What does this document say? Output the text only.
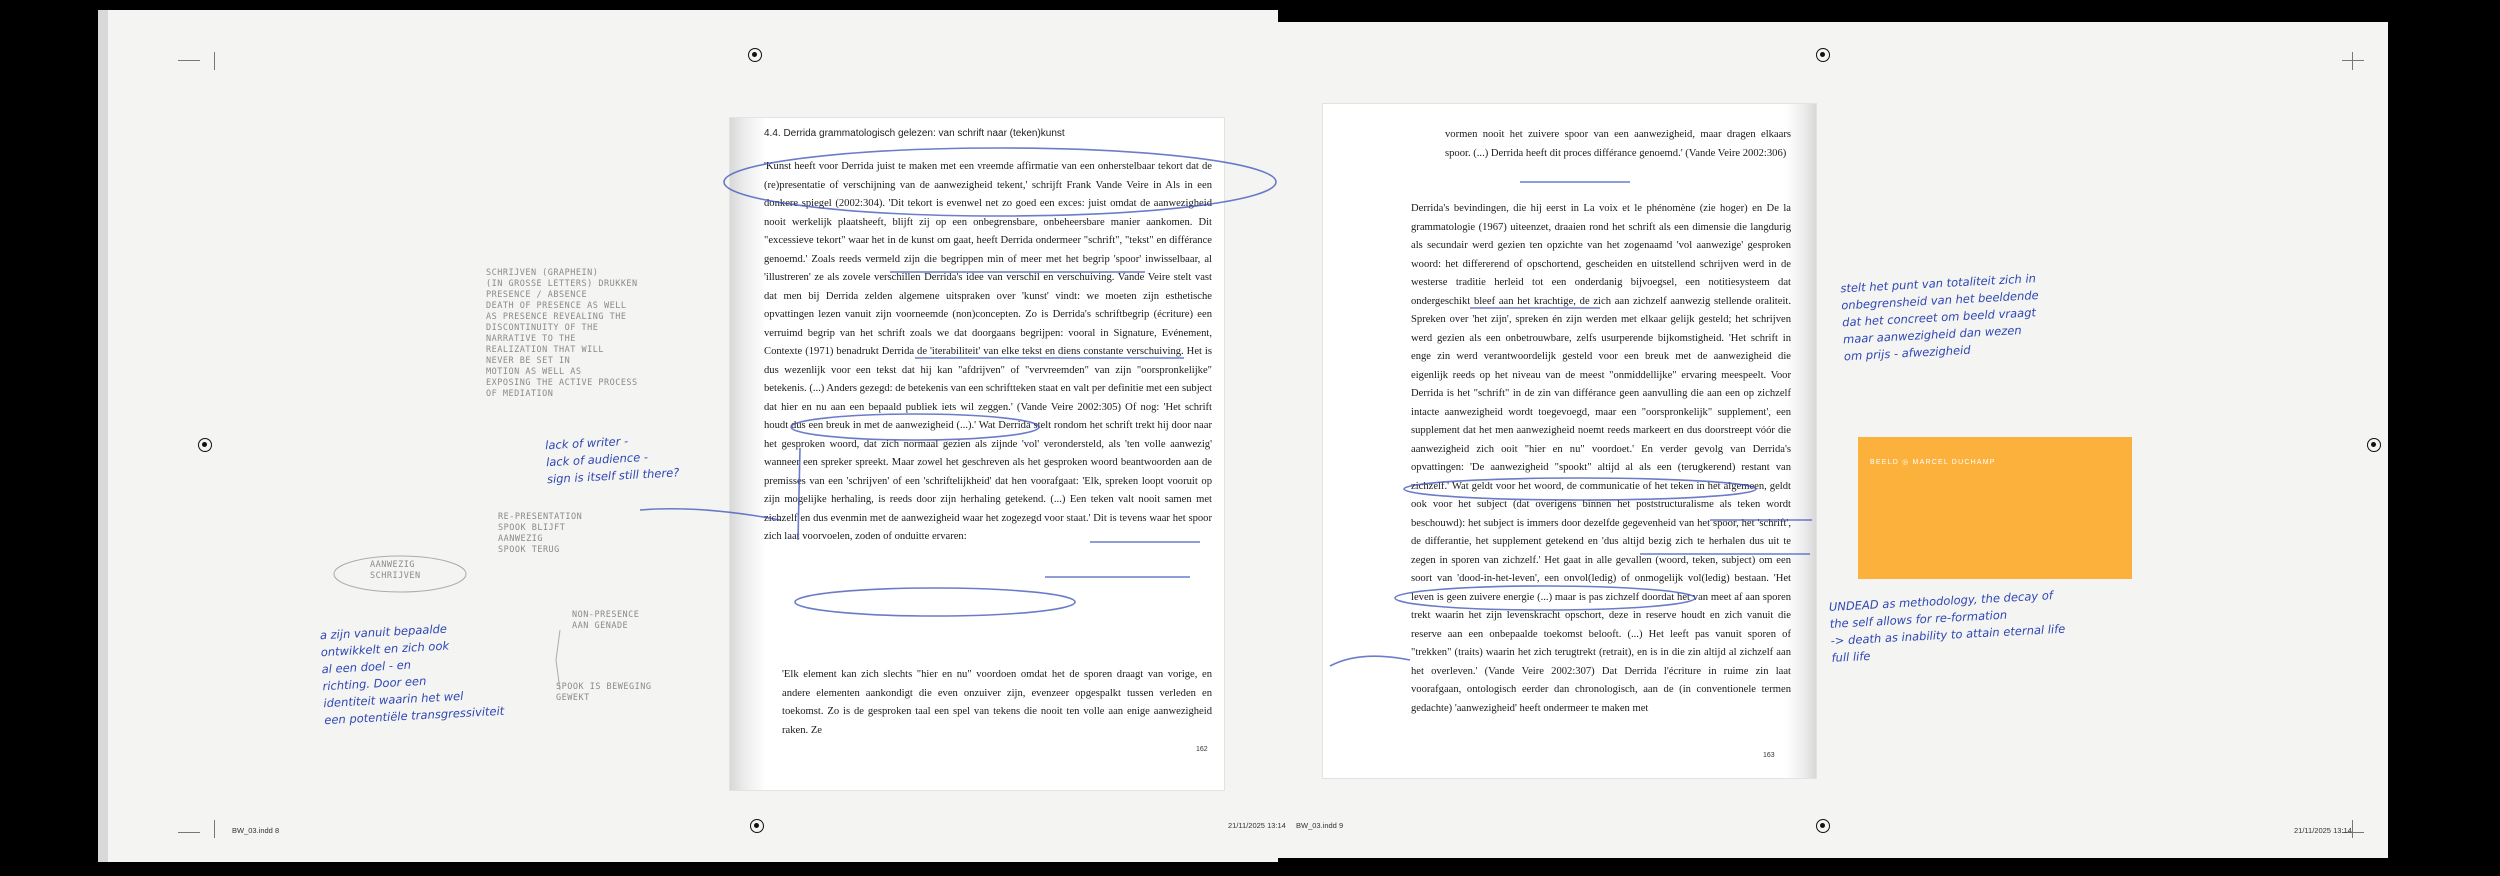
4.4. Derrida grammatologisch gelezen: van schrift naar (teken)kunst

'Kunst heeft voor Derrida juist te maken met een vreemde affirmatie van een onherstelbaar tekort dat de (re)presentatie of verschijning van de aanwezigheid tekent,' schrijft Frank Vande Veire in Als in een donkere spiegel (2002:304). 'Dit tekort is evenwel net zo goed een exces: juist omdat de aanwezigheid nooit werkelijk plaatsheeft, blijft zij op een onbegrensbare, onbeheersbare manier aankomen. Dit "excessieve tekort" waar het in de kunst om gaat, heeft Derrida ondermeer "schrift", "tekst" en différance genoemd.' Zoals reeds vermeld zijn die begrippen min of meer met het begrip 'spoor' inwisselbaar, al 'illustreren' ze als zovele verschillen Derrida's idee van verschil en verschuiving. Vande Veire stelt vast dat men bij Derrida zelden algemene uitspraken over 'kunst' vindt: we moeten zijn esthetische opvattingen lezen vanuit zijn voorneemde (non)concepten. Zo is Derrida's schriftbegrip (écriture) een verruimd begrip van het schrift zoals we dat doorgaans begrijpen: vooral in Signature, Evénement, Contexte (1971) benadrukt Derrida de 'iterabiliteit' van elke tekst en diens constante verschuiving. Het is dus wezenlijk voor een tekst dat hij kan "afdrijven" of "vervreemden" van zijn "oorspronkelijke" betekenis. (...) Anders gezegd: de betekenis van een schriftteken staat en valt per definitie met een subject dat hier en nu aan een bepaald publiek iets wil zeggen.' (Vande Veire 2002:305) Of nog: 'Het schrift houdt dus een breuk in met de aanwezigheid (...).' Wat Derrida stelt rondom het schrift trekt hij door naar het gesproken woord, dat zich normaal gezien als zijnde 'vol' verondersteld, als 'ten volle aanwezig' wanneer een spreker spreekt. Maar zowel het geschreven als het gesproken woord beantwoorden aan de premisses van een 'schrijven' of een 'schriftelijkheid' dat hen voorafgaat: 'Elk, spreken loopt vooruit op zijn mogelijke herhaling, is reeds door zijn herhaling getekend. (...) Een teken valt nooit samen met zichzelf en dus evenmin met de aanwezigheid waar het zogezegd voor staat.' Dit is tevens waar het spoor zich laat voorvoelen, zoden of onduitte ervaren:

'Elk element kan zich slechts "hier en nu" voordoen omdat het de sporen draagt van vorige, en andere elementen aankondigt die even onzuiver zijn, evenzeer opgespalkt tussen verleden en toekomst. Zo is de gesproken taal een spel van tekens die nooit ten volle aan enige aanwezigheid raken. Ze
162
vormen nooit het zuivere spoor van een aanwezigheid, maar dragen elkaars spoor. (...) Derrida heeft dit proces différance genoemd.' (Vande Veire 2002:306)

Derrida's bevindingen, die hij eerst in La voix et le phénomène (zie hoger) en De la grammatologie (1967) uiteenzet, draaien rond het schrift als een dimensie die langdurig als secundair werd gezien ten opzichte van het zogenaamd 'vol aanwezige' gesproken woord: het differerend of opschortend, gescheiden en uitstellend schrijven werd in de westerse traditie herleid tot een onderdanig bijvoegsel, een notitiesysteem dat ondergeschikt bleef aan het krachtige, de zich aan zichzelf aanwezig stellende oraliteit. Spreken over 'het zijn', spreken én zijn werden met elkaar gelijk gesteld; het schrijven werd gezien als een onbetrouwbare, zelfs usurperende bijkomstigheid. 'Het schrift in enge zin werd verantwoordelijk gesteld voor een breuk met de aanwezigheid die eigenlijk reeds op het niveau van de meest "onmiddellijke" ervaring meespeelt. Voor Derrida is het "schrift" in de zin van différance geen aanvulling die aan een op zichzelf intacte aanwezigheid wordt toegevoegd, maar een "oorspronkelijk" supplement', een supplement dat het men aanwezigheid noemt reeds markeert en dus doorstreept vóór die aanwezigheid zich ooit "hier en nu" voordoet.' En verder gevolg van Derrida's opvattingen: 'De aanwezigheid "spookt" altijd al als een (terugkerend) restant van zichzelf.' Wat geldt voor het woord, de communicatie of het teken in het algemeen, geldt ook voor het subject (dat overigens binnen het poststructuralisme als teken wordt beschouwd): het subject is immers door dezelfde gegevenheid van het spoor, het 'schrift', de differantie, het supplement getekend en 'dus altijd bezig zich te herhalen dus uit te zegen in sporen van zichzelf.' Het gaat in alle gevallen (woord, teken, subject) om een soort van 'dood-in-het-leven', een onvol(ledig) of onmogelijk vol(ledig) bestaan. 'Het leven is geen zuivere energie (...) maar is pas zichzelf doordat het van meet af aan sporen trekt waarin het zijn levenskracht opschort, deze in reserve houdt en zich vanuit die reserve aan een onbepaalde toekomst belooft. (...) Het leeft pas vanuit sporen of "trekken" (traits) waarin het zich terugtrekt (retrait), en is in die zin altijd al zichzelf aan het overleven.' (Vande Veire 2002:307) Dat Derrida l'écriture in ruime zin laat voorafgaan, ontologisch eerder dan chronologisch, aan de (in conventionele termen gedachte) 'aanwezigheid' heeft ondermeer te maken met

163
BEELD ◎ MARCEL DUCHAMP
SCHRIJVEN (GRAPHEIN)
(IN GROSSE LETTERS) DRUKKEN
PRESENCE / ABSENCE
DEATH OF PRESENCE AS WELL
AS PRESENCE REVEALING THE
DISCONTINUITY OF THE
NARRATIVE TO THE
REALIZATION THAT WILL
NEVER BE SET IN
MOTION AS WELL AS
EXPOSING THE ACTIVE PROCESS
OF MEDIATION
lack of writer -
lack of audience -
sign is itself still there?
RE-PRESENTATION
SPOOK BLIJFT
AANWEZIG
SPOOK TERUG
AANWEZIG
SCHRIJVEN
NON-PRESENCE
AAN GENADE
SPOOK IS BEWEGING
GEWEKT
a zijn vanuit bepaalde
ontwikkelt en zich ook
al een doel - en
richting. Door een
identiteit waarin het wel
een potentiële transgressiviteit
stelt het punt van totaliteit zich in
onbegrensheid van het beeldende
dat het concreet om beeld vraagt
maar aanwezigheid dan wezen
om prijs - afwezigheid
UNDEAD as methodology, the decay of
the self allows for re-formation
-> death as inability to attain eternal life
full life
BW_03.indd 8
21/11/2025 13:14 BW_03.indd 9
21/11/2025 13:14
